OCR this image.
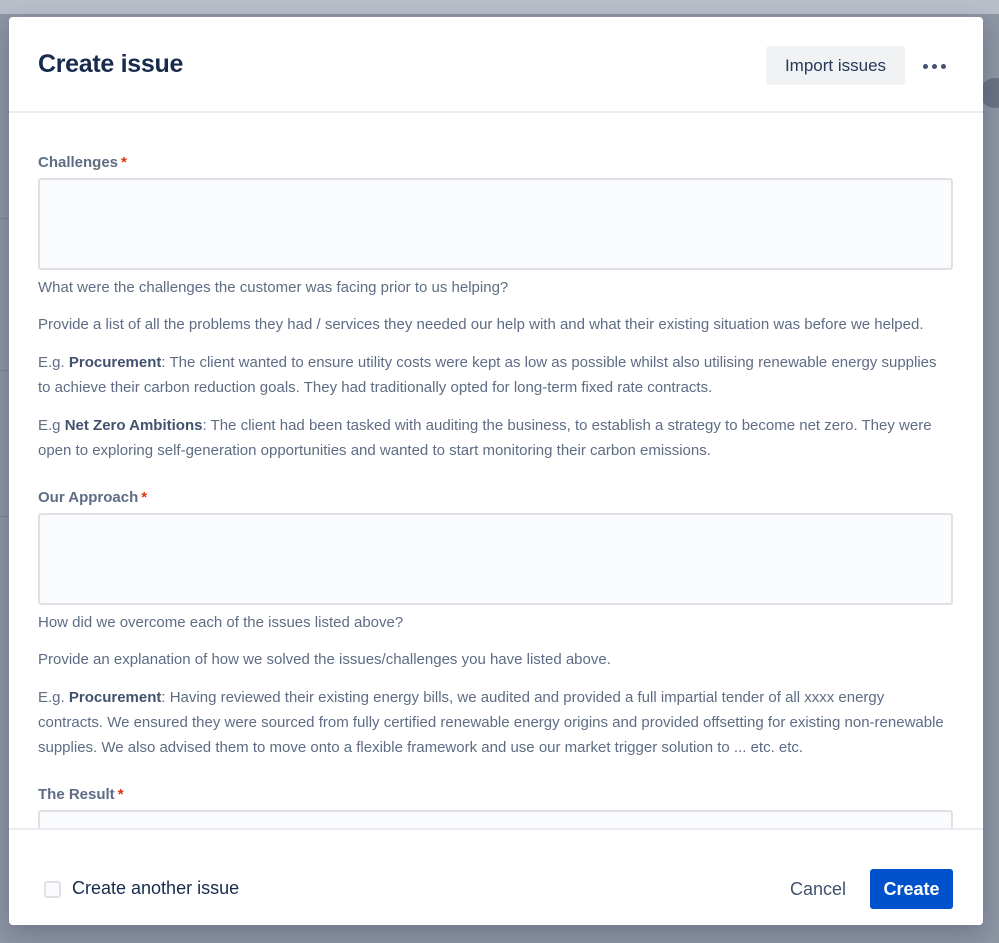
Create issue	Import issues
Challenges *

What were the challenges the customer was facing prior to us helping?

Provide a list of all the problems they had / services they needed our help with and what their existing situation was before we helped.

E.g. Procurement: The client wanted to ensure utility costs were kept as low as possible whilst also utilising renewable energy supplies to achieve their carbon reduction goals. They had traditionally opted for long-term fixed rate contracts.

E.g Net Zero Ambitions: The client had been tasked with auditing the business, to establish a strategy to become net zero. They were open to exploring self-generation opportunities and wanted to start monitoring their carbon emissions.

Our Approach *

How did we overcome each of the issues listed above?

Provide an explanation of how we solved the issues/challenges you have listed above.

E.g. Procurement: Having reviewed their existing energy bills, we audited and provided a full impartial tender of all xxxx energy contracts. We ensured they were sourced from fully certified renewable energy origins and provided offsetting for existing non-renewable supplies. We also advised them to move onto a flexible framework and use our market trigger solution to ... etc. etc.

The Result *
Create another issue	Cancel	Create
